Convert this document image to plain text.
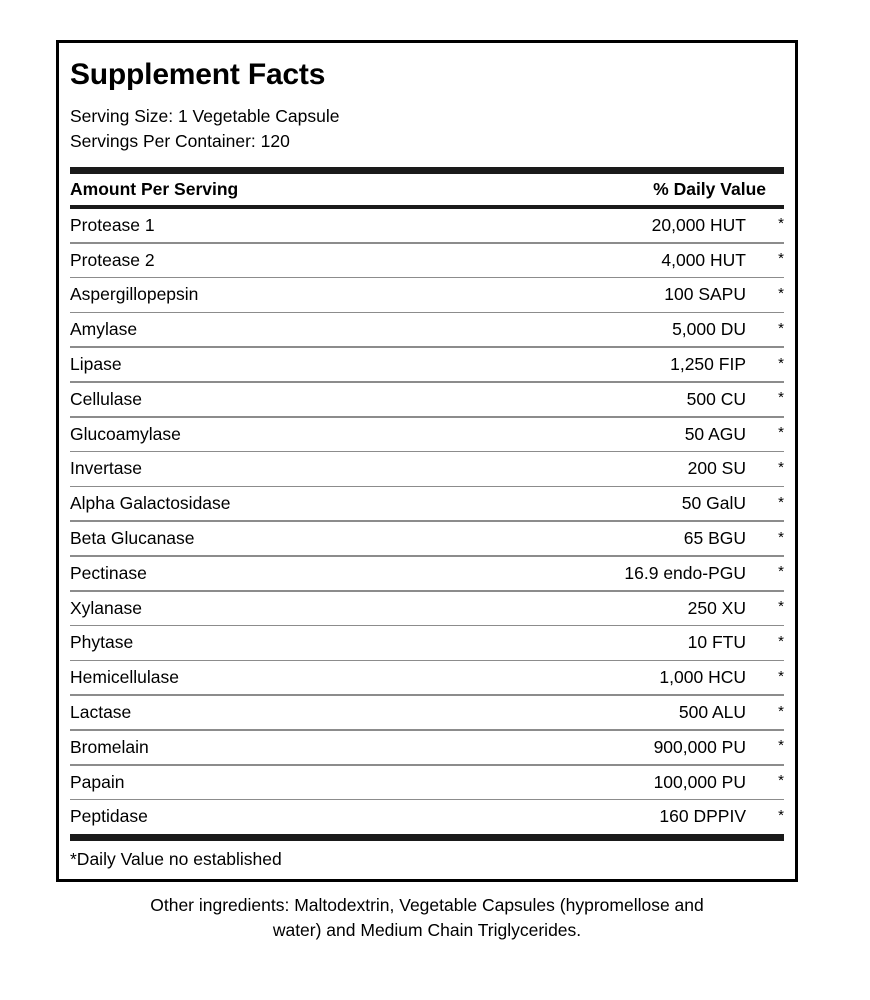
Supplement Facts
Serving Size: 1 Vegetable Capsule
Servings Per Container: 120
Amount Per Serving	% Daily Value
Protease 1	20,000 HUT	*
Protease 2	4,000 HUT	*
Aspergillopepsin	100 SAPU	*
Amylase	5,000 DU	*
Lipase	1,250 FIP	*
Cellulase	500 CU	*
Glucoamylase	50 AGU	*
Invertase	200 SU	*
Alpha Galactosidase	50 GalU	*
Beta Glucanase	65 BGU	*
Pectinase	16.9 endo-PGU	*
Xylanase	250 XU	*
Phytase	10 FTU	*
Hemicellulase	1,000 HCU	*
Lactase	500 ALU	*
Bromelain	900,000 PU	*
Papain	100,000 PU	*
Peptidase	160 DPPIV	*
*Daily Value no established
Other ingredients: Maltodextrin, Vegetable Capsules (hypromellose and
water) and Medium Chain Triglycerides.
